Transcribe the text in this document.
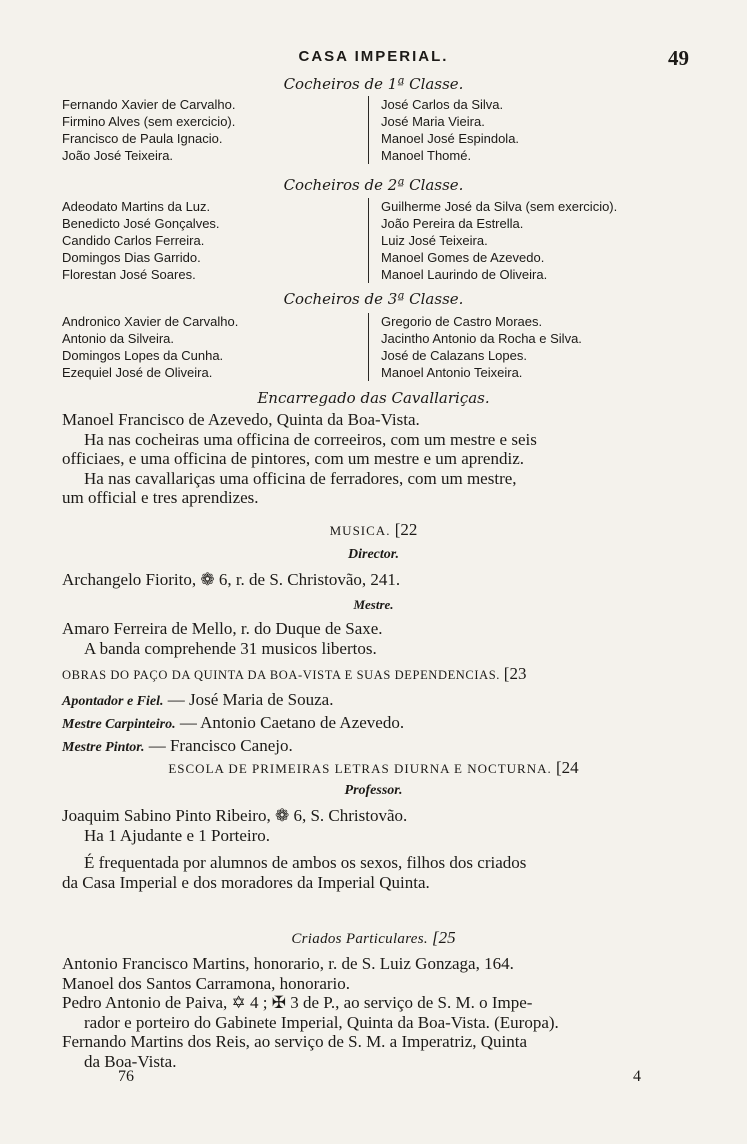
CASA IMPERIAL.	49
Cocheiros de 1ª Classe.
Fernando Xavier de Carvalho.
Firmino Alves (sem exercicio).
Francisco de Paula Ignacio.
João José Teixeira.
José Carlos da Silva.
José Maria Vieira.
Manoel José Espindola.
Manoel Thomé.
Cocheiros de 2ª Classe.
Adeodato Martins da Luz.
Benedicto José Gonçalves.
Candido Carlos Ferreira.
Domingos Dias Garrido.
Florestan José Soares.
Guilherme José da Silva (sem exercicio).
João Pereira da Estrella.
Luiz José Teixeira.
Manoel Gomes de Azevedo.
Manoel Laurindo de Oliveira.
Cocheiros de 3ª Classe.
Andronico Xavier de Carvalho.
Antonio da Silveira.
Domingos Lopes da Cunha.
Ezequiel José de Oliveira.
Gregorio de Castro Moraes.
Jacintho Antonio da Rocha e Silva.
José de Calazans Lopes.
Manoel Antonio Teixeira.
Encarregado das Cavallariças.
Manoel Francisco de Azevedo, Quinta da Boa-Vista.
Ha nas cocheiras uma officina de correeiros, com um mestre e seis
officiaes, e uma officina de pintores, com um mestre e um aprendiz.
Ha nas cavallariças uma officina de ferradores, com um mestre,
um official e tres aprendizes.
MUSICA. [22
Director.
Archangelo Fiorito, ❁ 6, r. de S. Christovão, 241.
Mestre.
Amaro Ferreira de Mello, r. do Duque de Saxe.
A banda comprehende 31 musicos libertos.
OBRAS DO PAÇO DA QUINTA DA BOA-VISTA E SUAS DEPENDENCIAS. [23
Apontador e Fiel. — José Maria de Souza.
Mestre Carpinteiro. — Antonio Caetano de Azevedo.
Mestre Pintor. — Francisco Canejo.
ESCOLA DE PRIMEIRAS LETRAS DIURNA E NOCTURNA. [24
Professor.
Joaquim Sabino Pinto Ribeiro, ❁ 6, S. Christovão.
Ha 1 Ajudante e 1 Porteiro.
É frequentada por alumnos de ambos os sexos, filhos dos criados
da Casa Imperial e dos moradores da Imperial Quinta.
Criados Particulares. [25
Antonio Francisco Martins, honorario, r. de S. Luiz Gonzaga, 164.
Manoel dos Santos Carramona, honorario.
Pedro Antonio de Paiva, ✡ 4 ; ✠ 3 de P., ao serviço de S. M. o Impe-
rador e porteiro do Gabinete Imperial, Quinta da Boa-Vista. (Europa).
Fernando Martins dos Reis, ao serviço de S. M. a Imperatriz, Quinta
da Boa-Vista.
76	4
